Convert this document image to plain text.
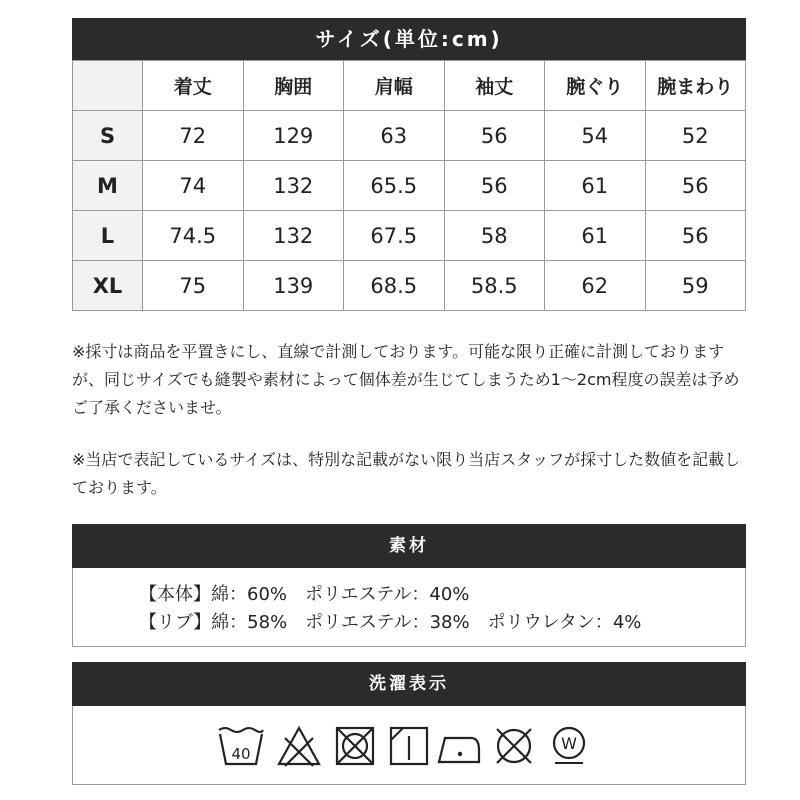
サイズ(単位:cm)
	着丈	胸囲	肩幅	袖丈	腕ぐり	腕まわり
S	72	129	63	56	54	52
M	74	132	65.5	56	61	56
L	74.5	132	67.5	58	61	56
XL	75	139	68.5	58.5	62	59
※採寸は商品を平置きにし、直線で計測しております。可能な限り正確に計測しておりますが、同じサイズでも縫製や素材によって個体差が生じてしまうため1～2cm程度の誤差は予めご了承くださいませ。
※当店で表記しているサイズは、特別な記載がない限り当店スタッフが採寸した数値を記載しております。
素材
【本体】綿：60%　ポリエステル：40%
【リブ】綿：58%　ポリエステル：38%　ポリウレタン：4%
洗濯表示
40
W
